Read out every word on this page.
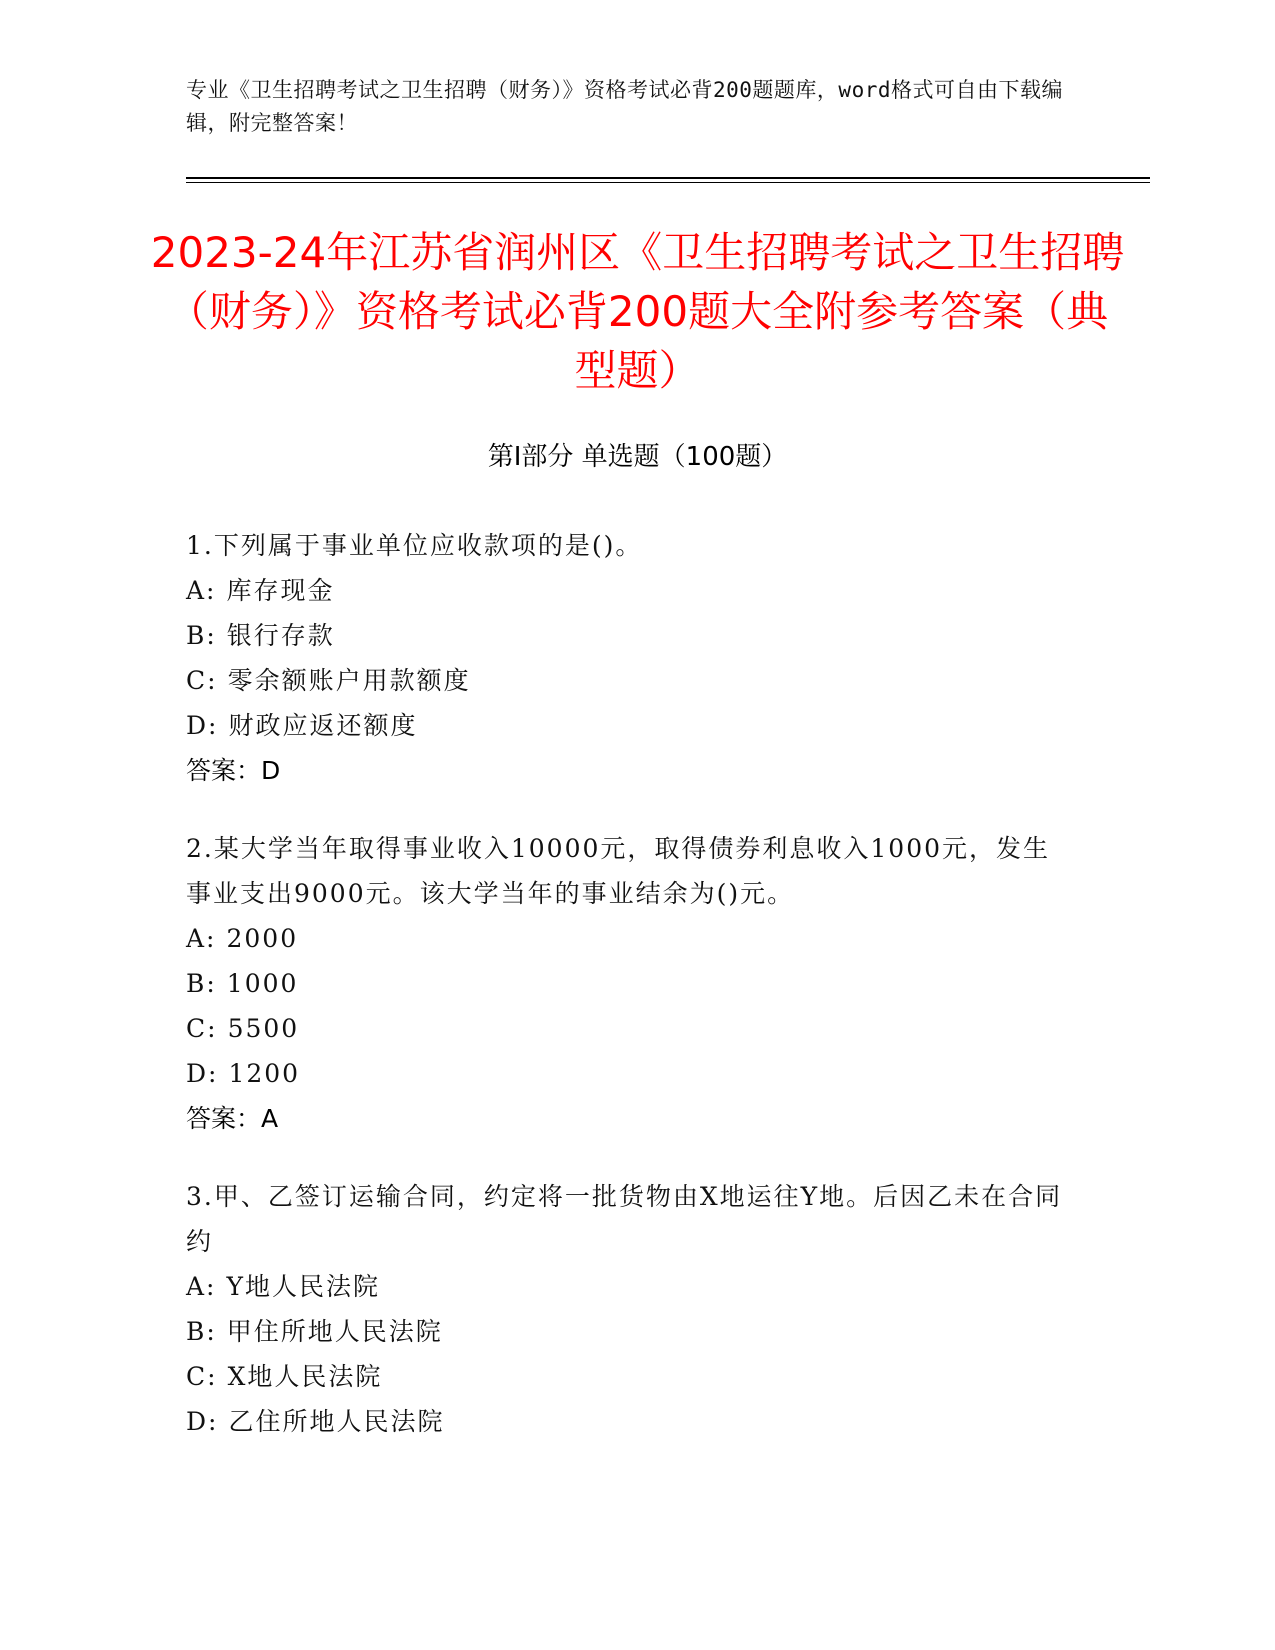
专业《卫生招聘考试之卫生招聘（财务）》资格考试必背200题题库，word格式可自由下载编辑，附完整答案！
2023-24年江苏省润州区《卫生招聘考试之卫生招聘（财务）》资格考试必背200题大全附参考答案（典型题）
第Ⅰ部分 单选题（100题）
1.下列属于事业单位应收款项的是()。
A: 库存现金
B: 银行存款
C: 零余额账户用款额度
D: 财政应返还额度
答案：D
2.某大学当年取得事业收入10000元，取得债券利息收入1000元，发生事业支出9000元。该大学当年的事业结余为()元。
A: 2000
B: 1000
C: 5500
D: 1200
答案：A
3.甲、乙签订运输合同，约定将一批货物由X地运往Y地。后因乙未在合同约
A: Y地人民法院
B: 甲住所地人民法院
C: X地人民法院
D: 乙住所地人民法院
